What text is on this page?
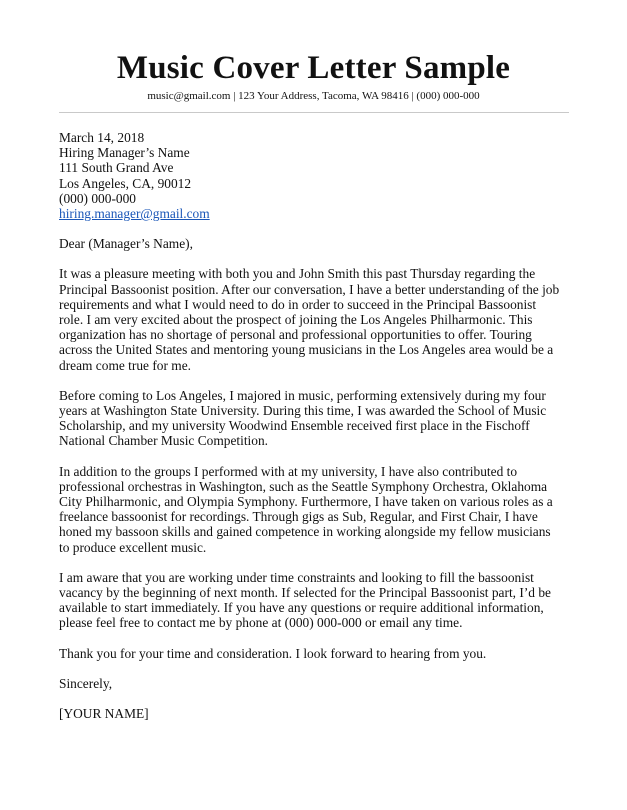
Music Cover Letter Sample
music@gmail.com | 123 Your Address, Tacoma, WA 98416 | (000) 000-000
March 14, 2018
Hiring Manager’s Name
111 South Grand Ave
Los Angeles, CA, 90012
(000) 000-000
hiring.manager@gmail.com
Dear (Manager’s Name),
It was a pleasure meeting with both you and John Smith this past Thursday regarding the
Principal Bassoonist position. After our conversation, I have a better understanding of the job
requirements and what I would need to do in order to succeed in the Principal Bassoonist
role. I am very excited about the prospect of joining the Los Angeles Philharmonic. This
organization has no shortage of personal and professional opportunities to offer. Touring
across the United States and mentoring young musicians in the Los Angeles area would be a
dream come true for me.
Before coming to Los Angeles, I majored in music, performing extensively during my four
years at Washington State University. During this time, I was awarded the School of Music
Scholarship, and my university Woodwind Ensemble received first place in the Fischoff
National Chamber Music Competition.
In addition to the groups I performed with at my university, I have also contributed to
professional orchestras in Washington, such as the Seattle Symphony Orchestra, Oklahoma
City Philharmonic, and Olympia Symphony. Furthermore, I have taken on various roles as a
freelance bassoonist for recordings. Through gigs as Sub, Regular, and First Chair, I have
honed my bassoon skills and gained competence in working alongside my fellow musicians
to produce excellent music.
I am aware that you are working under time constraints and looking to fill the bassoonist
vacancy by the beginning of next month. If selected for the Principal Bassoonist part, I’d be
available to start immediately. If you have any questions or require additional information,
please feel free to contact me by phone at (000) 000-000 or email any time.
Thank you for your time and consideration. I look forward to hearing from you.
Sincerely,
[YOUR NAME]
